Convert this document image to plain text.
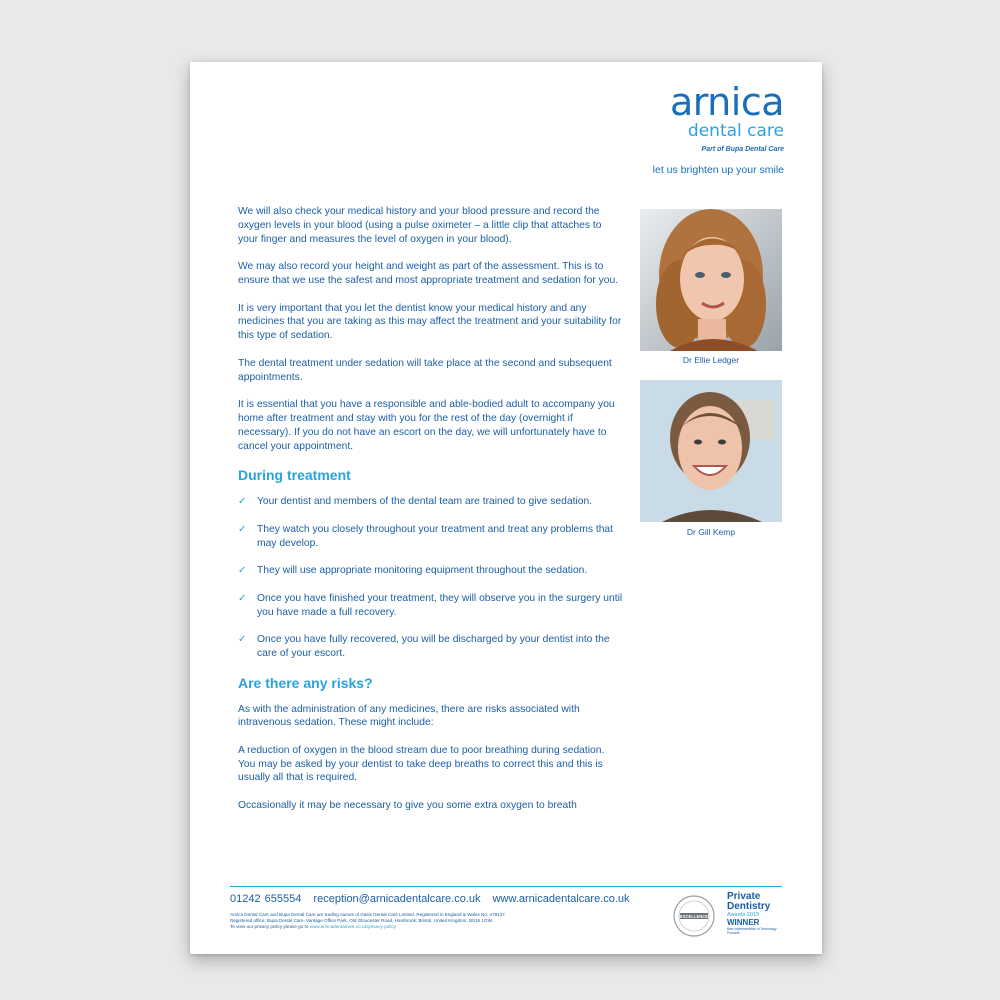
arnica
dental care
Part of Bupa Dental Care
let us brighten up your smile

We will also check your medical history and your blood pressure and record the oxygen levels in your blood (using a pulse oximeter – a little clip that attaches to your finger and measures the level of oxygen in your blood).

We may also record your height and weight as part of the assessment. This is to ensure that we use the safest and most appropriate treatment and sedation for you.

It is very important that you let the dentist know your medical history and any medicines that you are taking as this may affect the treatment and your suitability for this type of sedation.

The dental treatment under sedation will take place at the second and subsequent appointments.

It is essential that you have a responsible and able-bodied adult to accompany you home after treatment and stay with you for the rest of the day (overnight if necessary). If you do not have an escort on the day, we will unfortunately have to cancel your appointment.

During treatment
✓ Your dentist and members of the dental team are trained to give sedation.
✓ They watch you closely throughout your treatment and treat any problems that may develop.
✓ They will use appropriate monitoring equipment throughout the sedation.
✓ Once you have finished your treatment, they will observe you in the surgery until you have made a full recovery.
✓ Once you have fully recovered, you will be discharged by your dentist into the care of your escort.
Are there any risks?

As with the administration of any medicines, there are risks associated with intravenous sedation. These might include:

A reduction of oxygen in the blood stream due to poor breathing during sedation. You may be asked by your dentist to take deep breaths to correct this and this is usually all that is required.

Occasionally it may be necessary to give you some extra oxygen to breath

Dr Ellie Ledger
Dr Gill Kemp
01242 655554 reception@arnicadentalcare.co.uk www.arnicadentalcare.co.uk
Arnica Dental Care and Bupa Dental Care are trading names of Oasis Dental Care Limited. Registered in England & Wales No: 478127.
Registered office: Bupa Dental Care, Vantage Office Park, Old Gloucester Road, Hambrook, Bristol, United Kingdom, BS16 1GW.
To view our privacy policy please go to www.arnicadentalcare.co.uk/privacy-policy
EXCELLENCE
Private
Dentistry
Awards 2019
WINNER
Best Implementation of Technology Products
